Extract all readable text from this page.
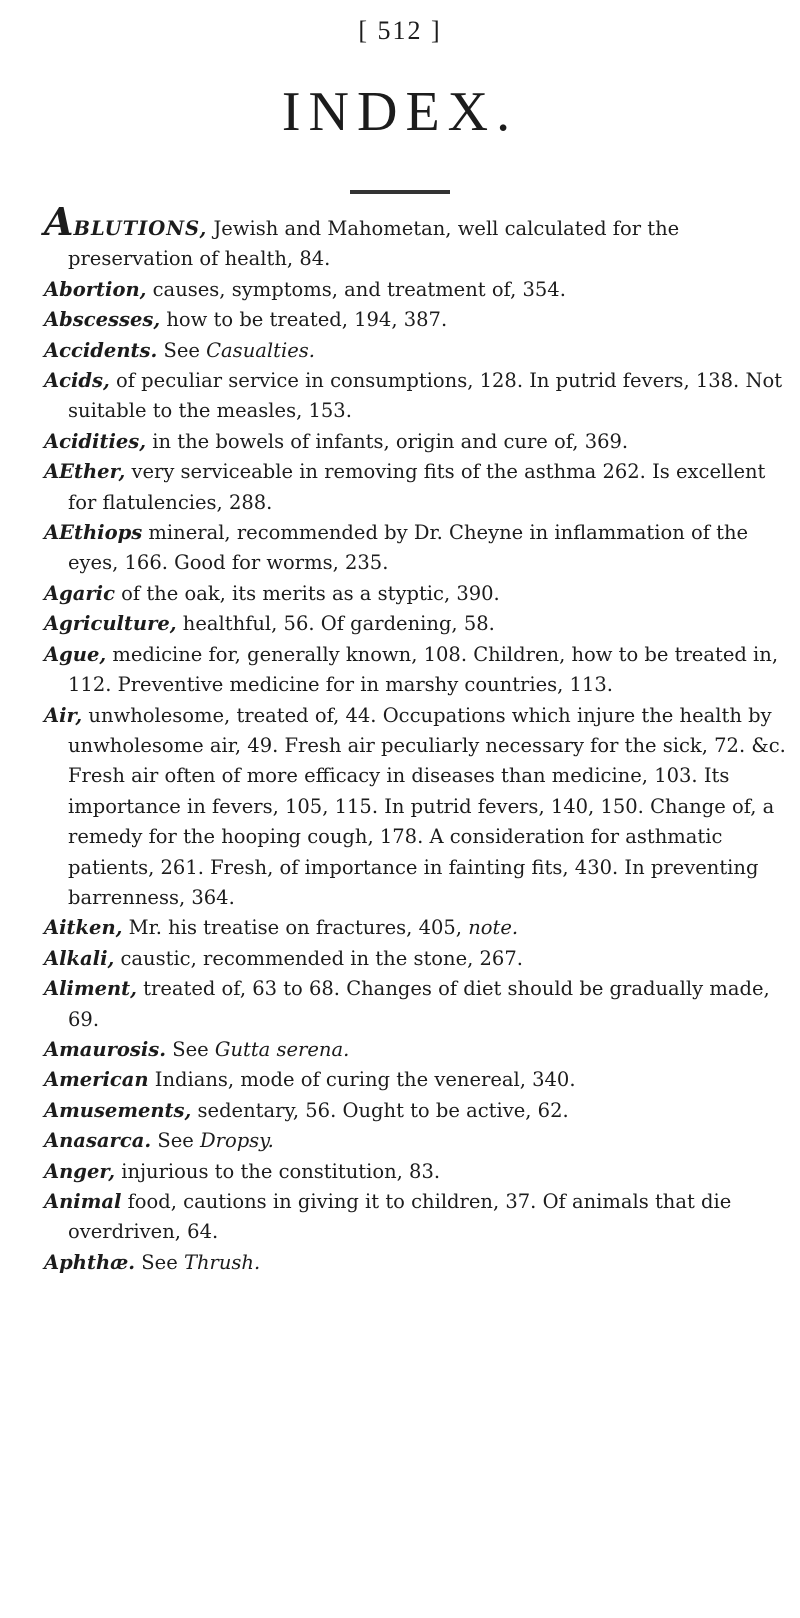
[ 512 ]
INDEX.
ABLUTIONS, Jewish and Mahometan, well calculated for the preservation of health, 84.
Abortion, causes, symptoms, and treatment of, 354.
Abscesses, how to be treated, 194, 387.
Accidents. See Casualties.
Acids, of peculiar service in consumptions, 128. In putrid fevers, 138. Not suitable to the measles, 153.
Acidities, in the bowels of infants, origin and cure of, 369.
AEther, very serviceable in removing fits of the asthma 262. Is excellent for flatulencies, 288.
AEthiops mineral, recommended by Dr. Cheyne in inflammation of the eyes, 166. Good for worms, 235.
Agaric of the oak, its merits as a styptic, 390.
Agriculture, healthful, 56. Of gardening, 58.
Ague, medicine for, generally known, 108. Children, how to be treated in, 112. Preventive medicine for in marshy countries, 113.
Air, unwholesome, treated of, 44. Occupations which injure the health by unwholesome air, 49. Fresh air peculiarly necessary for the sick, 72. &c. Fresh air often of more efficacy in diseases than medicine, 103. Its importance in fevers, 105, 115. In putrid fevers, 140, 150. Change of, a remedy for the hooping cough, 178. A consideration for asthmatic patients, 261. Fresh, of importance in fainting fits, 430. In preventing barrenness, 364.
Aitken, Mr. his treatise on fractures, 405, note.
Alkali, caustic, recommended in the stone, 267.
Aliment, treated of, 63 to 68. Changes of diet should be gradually made, 69.
Amaurosis. See Gutta serena.
American Indians, mode of curing the venereal, 340.
Amusements, sedentary, 56. Ought to be active, 62.
Anasarca. See Dropsy.
Anger, injurious to the constitution, 83.
Animal food, cautions in giving it to children, 37. Of animals that die overdriven, 64.
Aphthæ. See Thrush.
